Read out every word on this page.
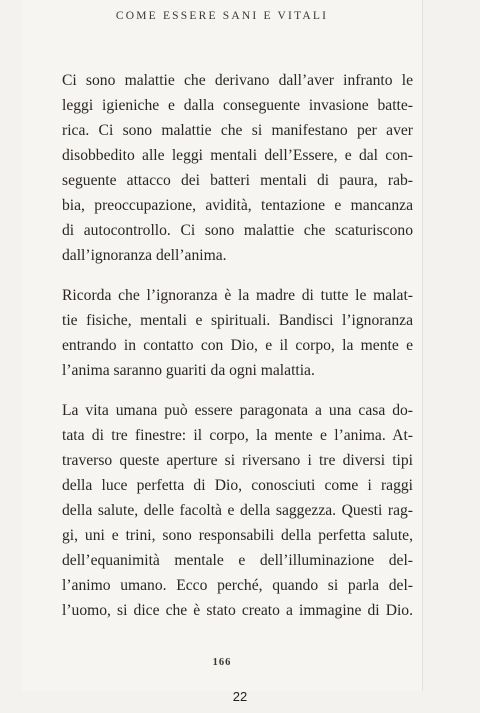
COME ESSERE SANI E VITALI

Ci sono malattie che derivano dall’aver infranto le
leggi igieniche e dalla conseguente invasione batte-
rica. Ci sono malattie che si manifestano per aver
disobbedito alle leggi mentali dell’Essere, e dal con-
seguente attacco dei batteri mentali di paura, rab-
bia, preoccupazione, avidità, tentazione e mancanza
di autocontrollo. Ci sono malattie che scaturiscono
dall’ignoranza dell’anima.

Ricorda che l’ignoranza è la madre di tutte le malat-
tie fisiche, mentali e spirituali. Bandisci l’ignoranza
entrando in contatto con Dio, e il corpo, la mente e
l’anima saranno guariti da ogni malattia.

La vita umana può essere paragonata a una casa do-
tata di tre finestre: il corpo, la mente e l’anima. At-
traverso queste aperture si riversano i tre diversi tipi
della luce perfetta di Dio, conosciuti come i raggi
della salute, delle facoltà e della saggezza. Questi rag-
gi, uni e trini, sono responsabili della perfetta salute,
dell’equanimità mentale e dell’illuminazione del-
l’animo umano. Ecco perché, quando si parla del-
l’uomo, si dice che è stato creato a immagine di Dio.

166
22
